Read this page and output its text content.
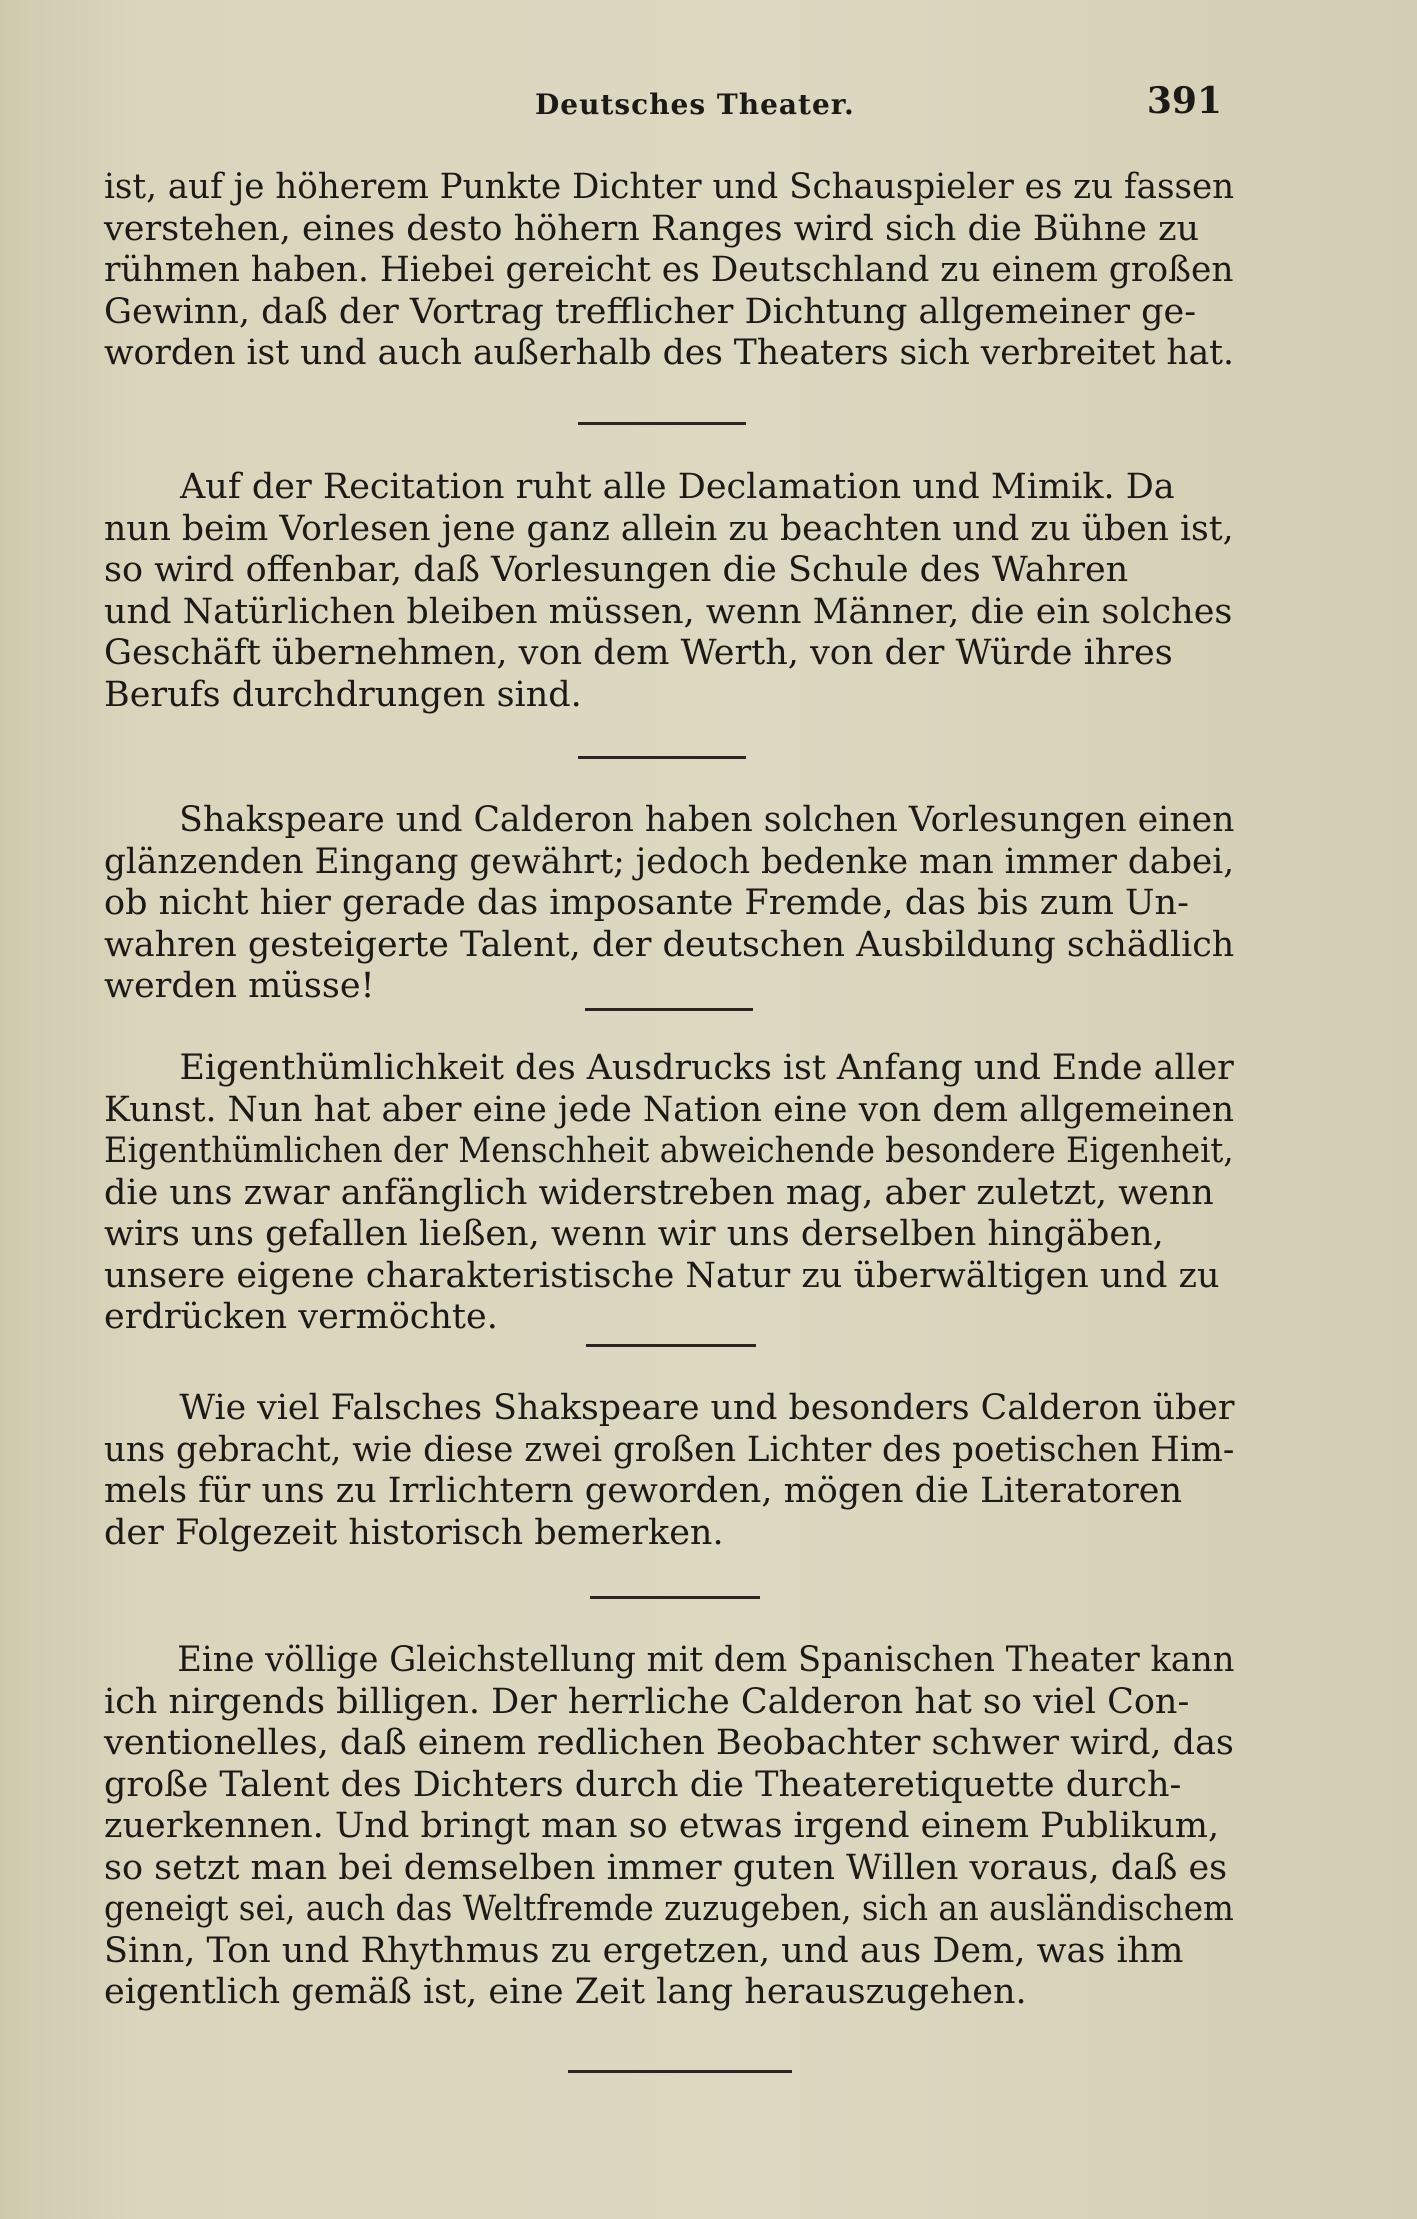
Deutsches Theater.	391

ist, auf je höherem Punkte Dichter und Schauspieler es zu fassen
verstehen, eines desto höhern Ranges wird sich die Bühne zu
rühmen haben. Hiebei gereicht es Deutschland zu einem großen
Gewinn, daß der Vortrag trefflicher Dichtung allgemeiner ge-
worden ist und auch außerhalb des Theaters sich verbreitet hat.

Auf der Recitation ruht alle Declamation und Mimik. Da
nun beim Vorlesen jene ganz allein zu beachten und zu üben ist,
so wird offenbar, daß Vorlesungen die Schule des Wahren
und Natürlichen bleiben müssen, wenn Männer, die ein solches
Geschäft übernehmen, von dem Werth, von der Würde ihres
Berufs durchdrungen sind.

Shakspeare und Calderon haben solchen Vorlesungen einen
glänzenden Eingang gewährt; jedoch bedenke man immer dabei,
ob nicht hier gerade das imposante Fremde, das bis zum Un-
wahren gesteigerte Talent, der deutschen Ausbildung schädlich
werden müsse!

Eigenthümlichkeit des Ausdrucks ist Anfang und Ende aller
Kunst. Nun hat aber eine jede Nation eine von dem allgemeinen
Eigenthümlichen der Menschheit abweichende besondere Eigenheit,
die uns zwar anfänglich widerstreben mag, aber zuletzt, wenn
wirs uns gefallen ließen, wenn wir uns derselben hingäben,
unsere eigene charakteristische Natur zu überwältigen und zu
erdrücken vermöchte.

Wie viel Falsches Shakspeare und besonders Calderon über
uns gebracht, wie diese zwei großen Lichter des poetischen Him-
mels für uns zu Irrlichtern geworden, mögen die Literatoren
der Folgezeit historisch bemerken.

Eine völlige Gleichstellung mit dem Spanischen Theater kann
ich nirgends billigen. Der herrliche Calderon hat so viel Con-
ventionelles, daß einem redlichen Beobachter schwer wird, das
große Talent des Dichters durch die Theateretiquette durch-
zuerkennen. Und bringt man so etwas irgend einem Publikum,
so setzt man bei demselben immer guten Willen voraus, daß es
geneigt sei, auch das Weltfremde zuzugeben, sich an ausländischem
Sinn, Ton und Rhythmus zu ergetzen, und aus Dem, was ihm
eigentlich gemäß ist, eine Zeit lang herauszugehen.
